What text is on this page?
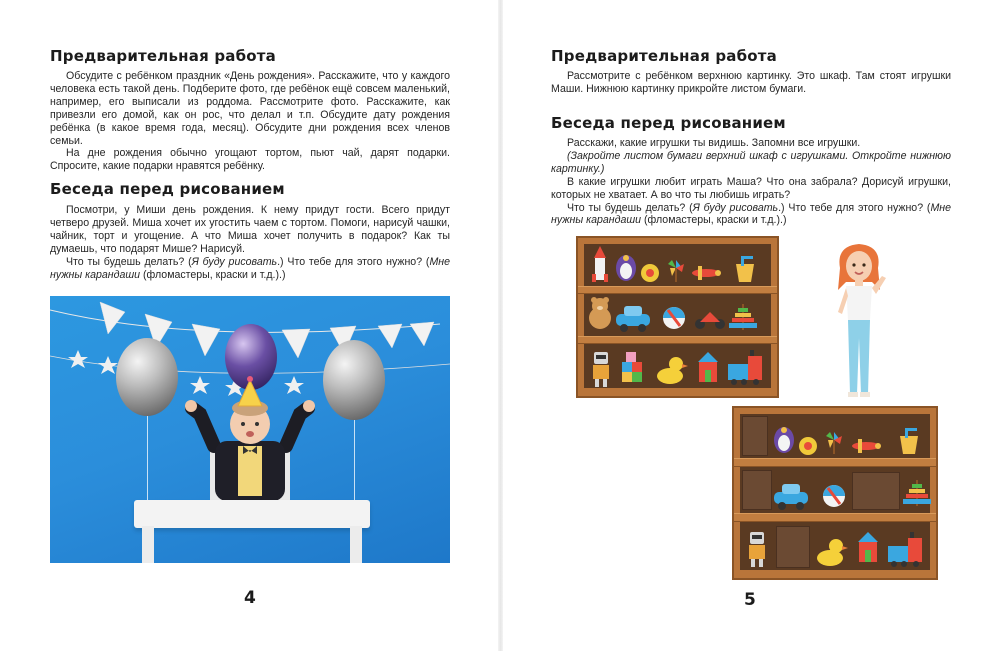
Предварительная работа

Обсудите с ребёнком праздник «День рождения». Расскажите, что у каждого человека есть такой день. Подберите фото, где ребёнок ещё совсем маленький, например, его выписали из роддома. Рассмотрите фото. Расскажите, как привезли его домой, как он рос, что делал и т.п. Обсудите дату рождения ребёнка (в какое время года, месяц). Обсудите дни рождения всех членов семьи.

На дне рождения обычно угощают тортом, пьют чай, дарят подарки. Спросите, какие подарки нравятся ребёнку.

Беседа перед рисованием

Посмотри, у Миши день рождения. К нему придут гости. Всего придут четверо друзей. Миша хочет их угостить чаем с тортом. Помоги, нарисуй чашки, чайник, торт и угощение. А что Миша хочет получить в подарок? Как ты думаешь, что подарят Мише? Нарисуй.

Что ты будешь делать? (Я буду рисовать.) Что тебе для этого нужно? (Мне нужны карандаши (фломастеры, краски и т.д.).)

4
Предварительная работа

Рассмотрите с ребёнком верхнюю картинку. Это шкаф. Там стоят игрушки Маши. Нижнюю картинку прикройте листом бумаги.

Беседа перед рисованием

Расскажи, какие игрушки ты видишь. Запомни все игрушки.

(Закройте листом бумаги верхний шкаф с игрушками. Откройте нижнюю картинку.)

В какие игрушки любит играть Маша? Что она забрала? Дорисуй игрушки, которых не хватает. А во что ты любишь играть?

Что ты будешь делать? (Я буду рисовать.) Что тебе для этого нужно? (Мне нужны карандаши (фломастеры, краски и т.д.).)

5
